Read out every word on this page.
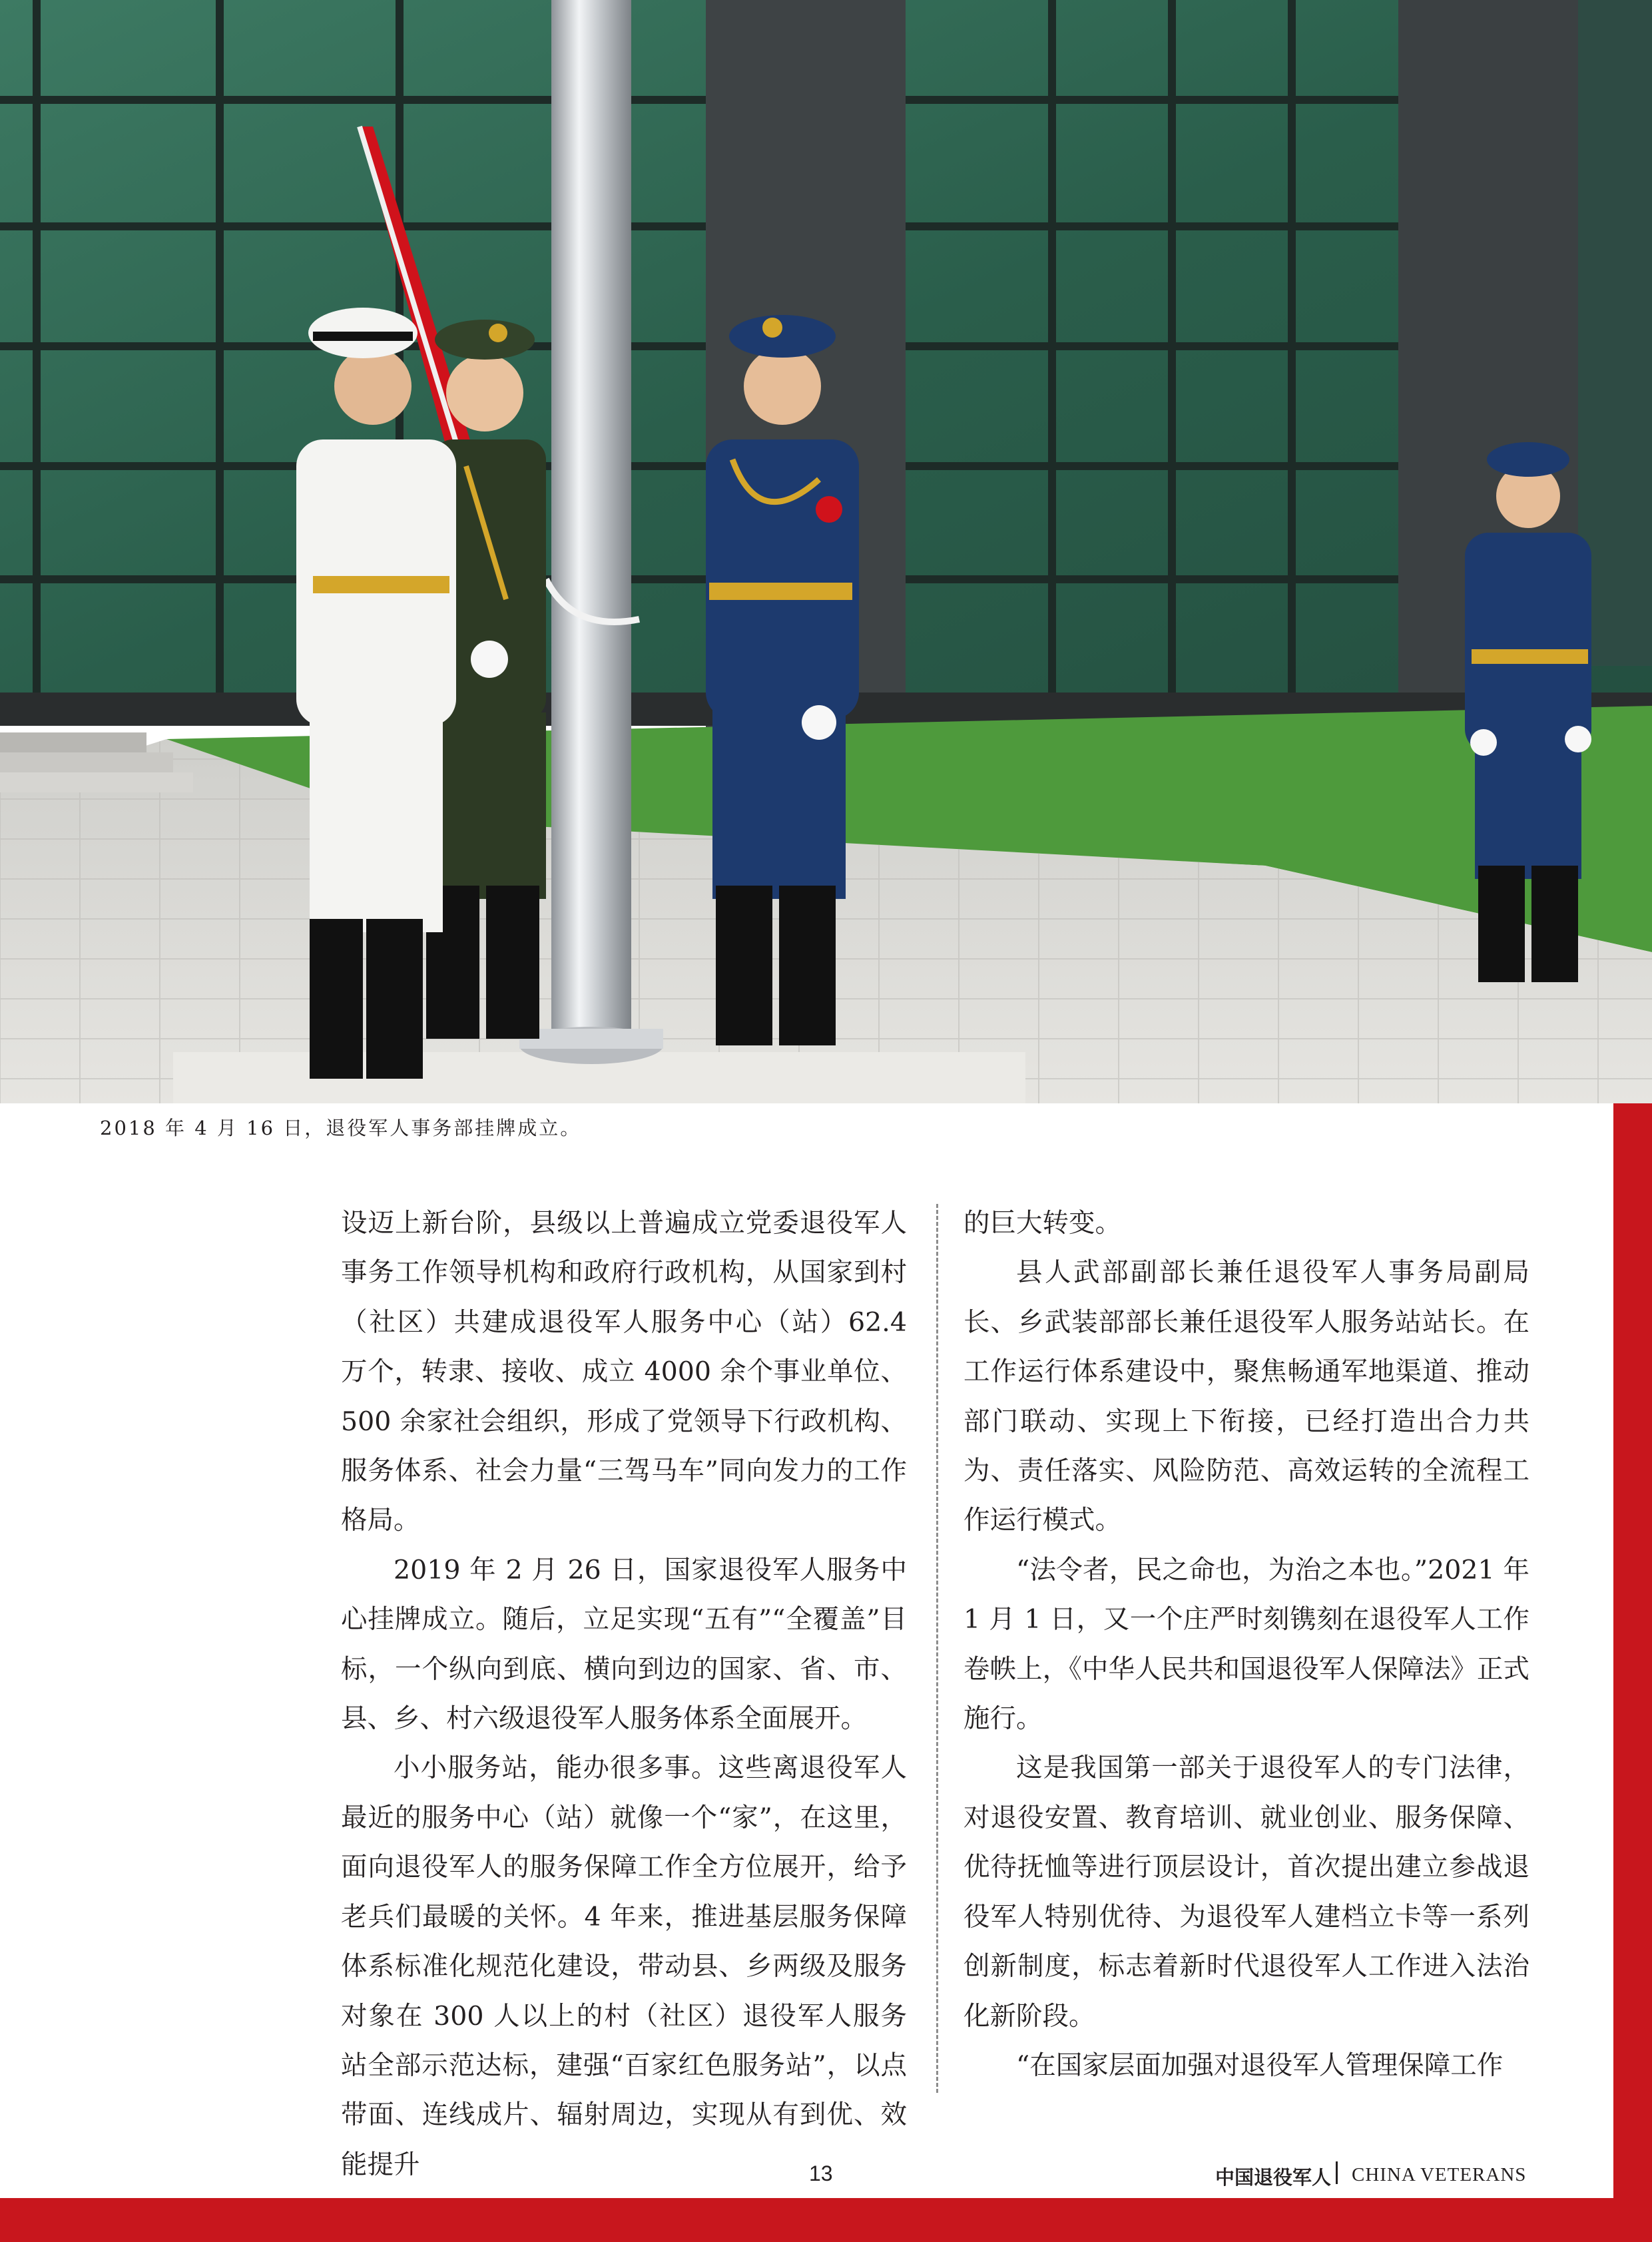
2018 年 4 月 16 日，退役军人事务部挂牌成立。

设迈上新台阶，县级以上普遍成立党委退役军人事务工作领导机构和政府行政机构，从国家到村（社区）共建成退役军人服务中心（站）62.4 万个，转隶、接收、成立 4000 余个事业单位、500 余家社会组织，形成了党领导下行政机构、服务体系、社会力量“三驾马车”同向发力的工作格局。

2019 年 2 月 26 日，国家退役军人服务中心挂牌成立。随后，立足实现“五有”“全覆盖”目标，一个纵向到底、横向到边的国家、省、市、县、乡、村六级退役军人服务体系全面展开。

小小服务站，能办很多事。这些离退役军人最近的服务中心（站）就像一个“家”，在这里，面向退役军人的服务保障工作全方位展开，给予老兵们最暖的关怀。4 年来，推进基层服务保障体系标准化规范化建设，带动县、乡两级及服务对象在 300 人以上的村（社区）退役军人服务站全部示范达标，建强“百家红色服务站”，以点带面、连线成片、辐射周边，实现从有到优、效能提升

的巨大转变。

县人武部副部长兼任退役军人事务局副局长、乡武装部部长兼任退役军人服务站站长。在工作运行体系建设中，聚焦畅通军地渠道、推动部门联动、实现上下衔接，已经打造出合力共为、责任落实、风险防范、高效运转的全流程工作运行模式。

“法令者，民之命也，为治之本也。”2021 年 1 月 1 日，又一个庄严时刻镌刻在退役军人工作卷帙上，《中华人民共和国退役军人保障法》正式施行。

这是我国第一部关于退役军人的专门法律，对退役安置、教育培训、就业创业、服务保障、优待抚恤等进行顶层设计，首次提出建立参战退役军人特别优待、为退役军人建档立卡等一系列创新制度，标志着新时代退役军人工作进入法治化新阶段。

“在国家层面加强对退役军人管理保障工作

13	中国退役军人 CHINA VETERANS
